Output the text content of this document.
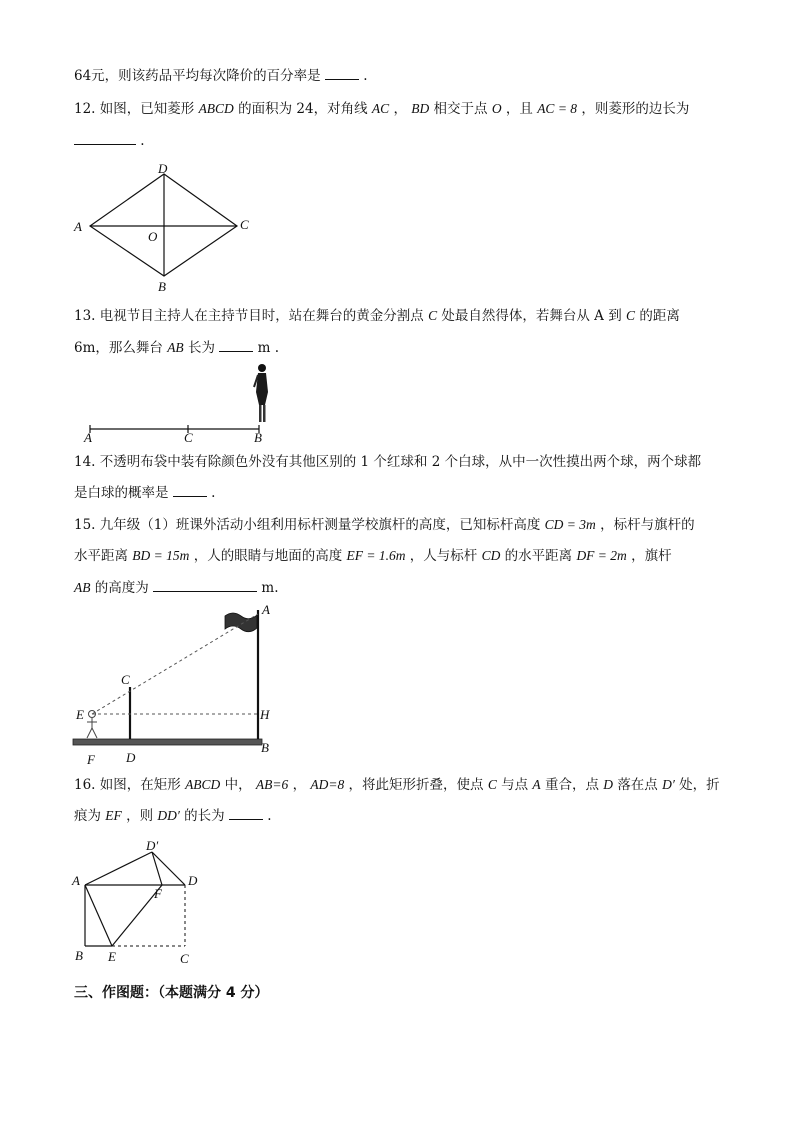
64元，则该药品平均每次降价的百分率是	.
12. 如图，已知菱形 ABCD 的面积为 24，对角线 AC ， BD 相交于点 O ，且 AC = 8 ，则菱形的边长为
.
A
D
C
B
O
13. 电视节目主持人在主持节目时，站在舞台的黄金分割点 C 处最自然得体，若舞台从 A 到 C 的距离
6m，那么舞台 AB 长为	m .
A	C	B
14. 不透明布袋中装有除颜色外没有其他区别的 1 个红球和 2 个白球，从中一次性摸出两个球，两个球都
是白球的概率是	.
15. 九年级（1）班课外活动小组利用标杆测量学校旗杆的高度，已知标杆高度 CD = 3m ，标杆与旗杆的
水平距离 BD = 15m ，人的眼睛与地面的高度 EF = 1.6m ，人与标杆 CD 的水平距离 DF = 2m ，旗杆
AB 的高度为	m.
A
C
E	H
F D
B
16. 如图，在矩形 ABCD 中， AB=6 ， AD=8 ，将此矩形折叠，使点 C 与点 A 重合，点 D 落在点 D′ 处，折
痕为 EF ，则 DD′ 的长为	.
D′
A	D
F
B E	C
三、作图题：（本题满分 4 分）
